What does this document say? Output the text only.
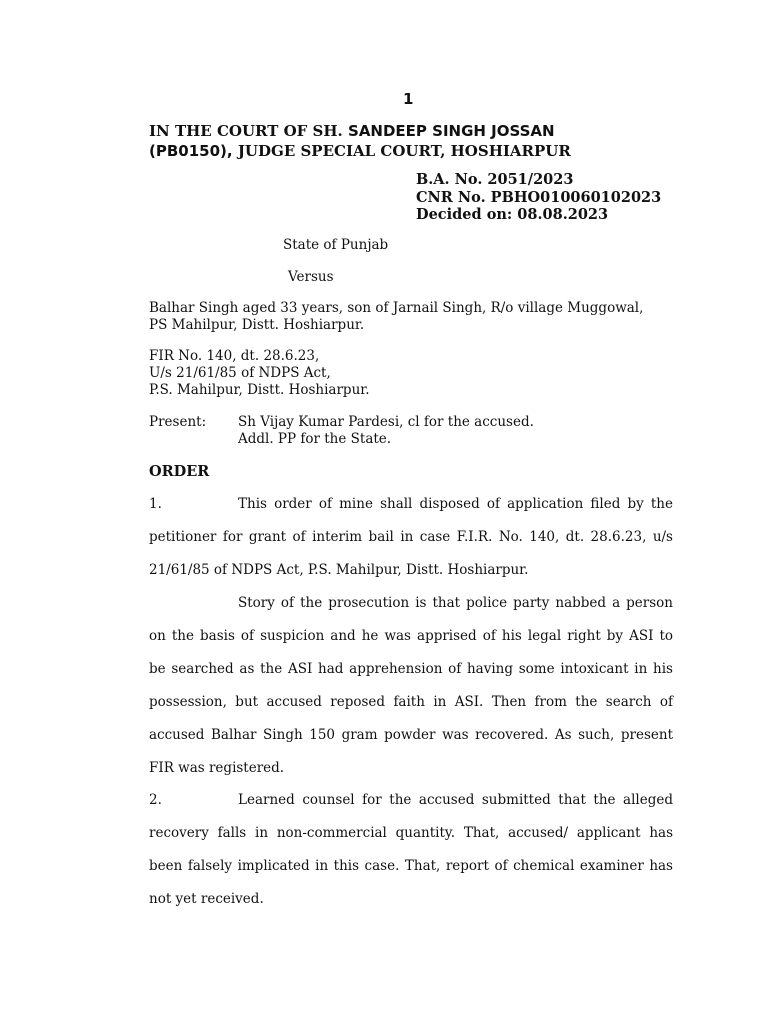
1
IN THE COURT OF SH. SANDEEP SINGH JOSSAN
(PB0150), JUDGE SPECIAL COURT, HOSHIARPUR
B.A. No. 2051/2023
CNR No. PBHO010060102023
Decided on: 08.08.2023
State of Punjab
Versus
Balhar Singh aged 33 years, son of Jarnail Singh, R/o village Muggowal,
PS Mahilpur, Distt. Hoshiarpur.
FIR No. 140, dt. 28.6.23,
U/s 21/61/85 of NDPS Act,
P.S. Mahilpur, Distt. Hoshiarpur.
Present: Sh Vijay Kumar Pardesi, cl for the accused.
Addl. PP for the State.
ORDER
1.	This order of mine shall disposed of application filed by the
petitioner for grant of interim bail in case F.I.R. No. 140, dt. 28.6.23, u/s
21/61/85 of NDPS Act, P.S. Mahilpur, Distt. Hoshiarpur.
Story of the prosecution is that police party nabbed a person
on the basis of suspicion and he was apprised of his legal right by ASI to
be searched as the ASI had apprehension of having some intoxicant in his
possession, but accused reposed faith in ASI. Then from the search of
accused Balhar Singh 150 gram powder was recovered. As such, present
FIR was registered.
2.	Learned counsel for the accused submitted that the alleged
recovery falls in non-commercial quantity. That, accused/ applicant has
been falsely implicated in this case. That, report of chemical examiner has
not yet received.
